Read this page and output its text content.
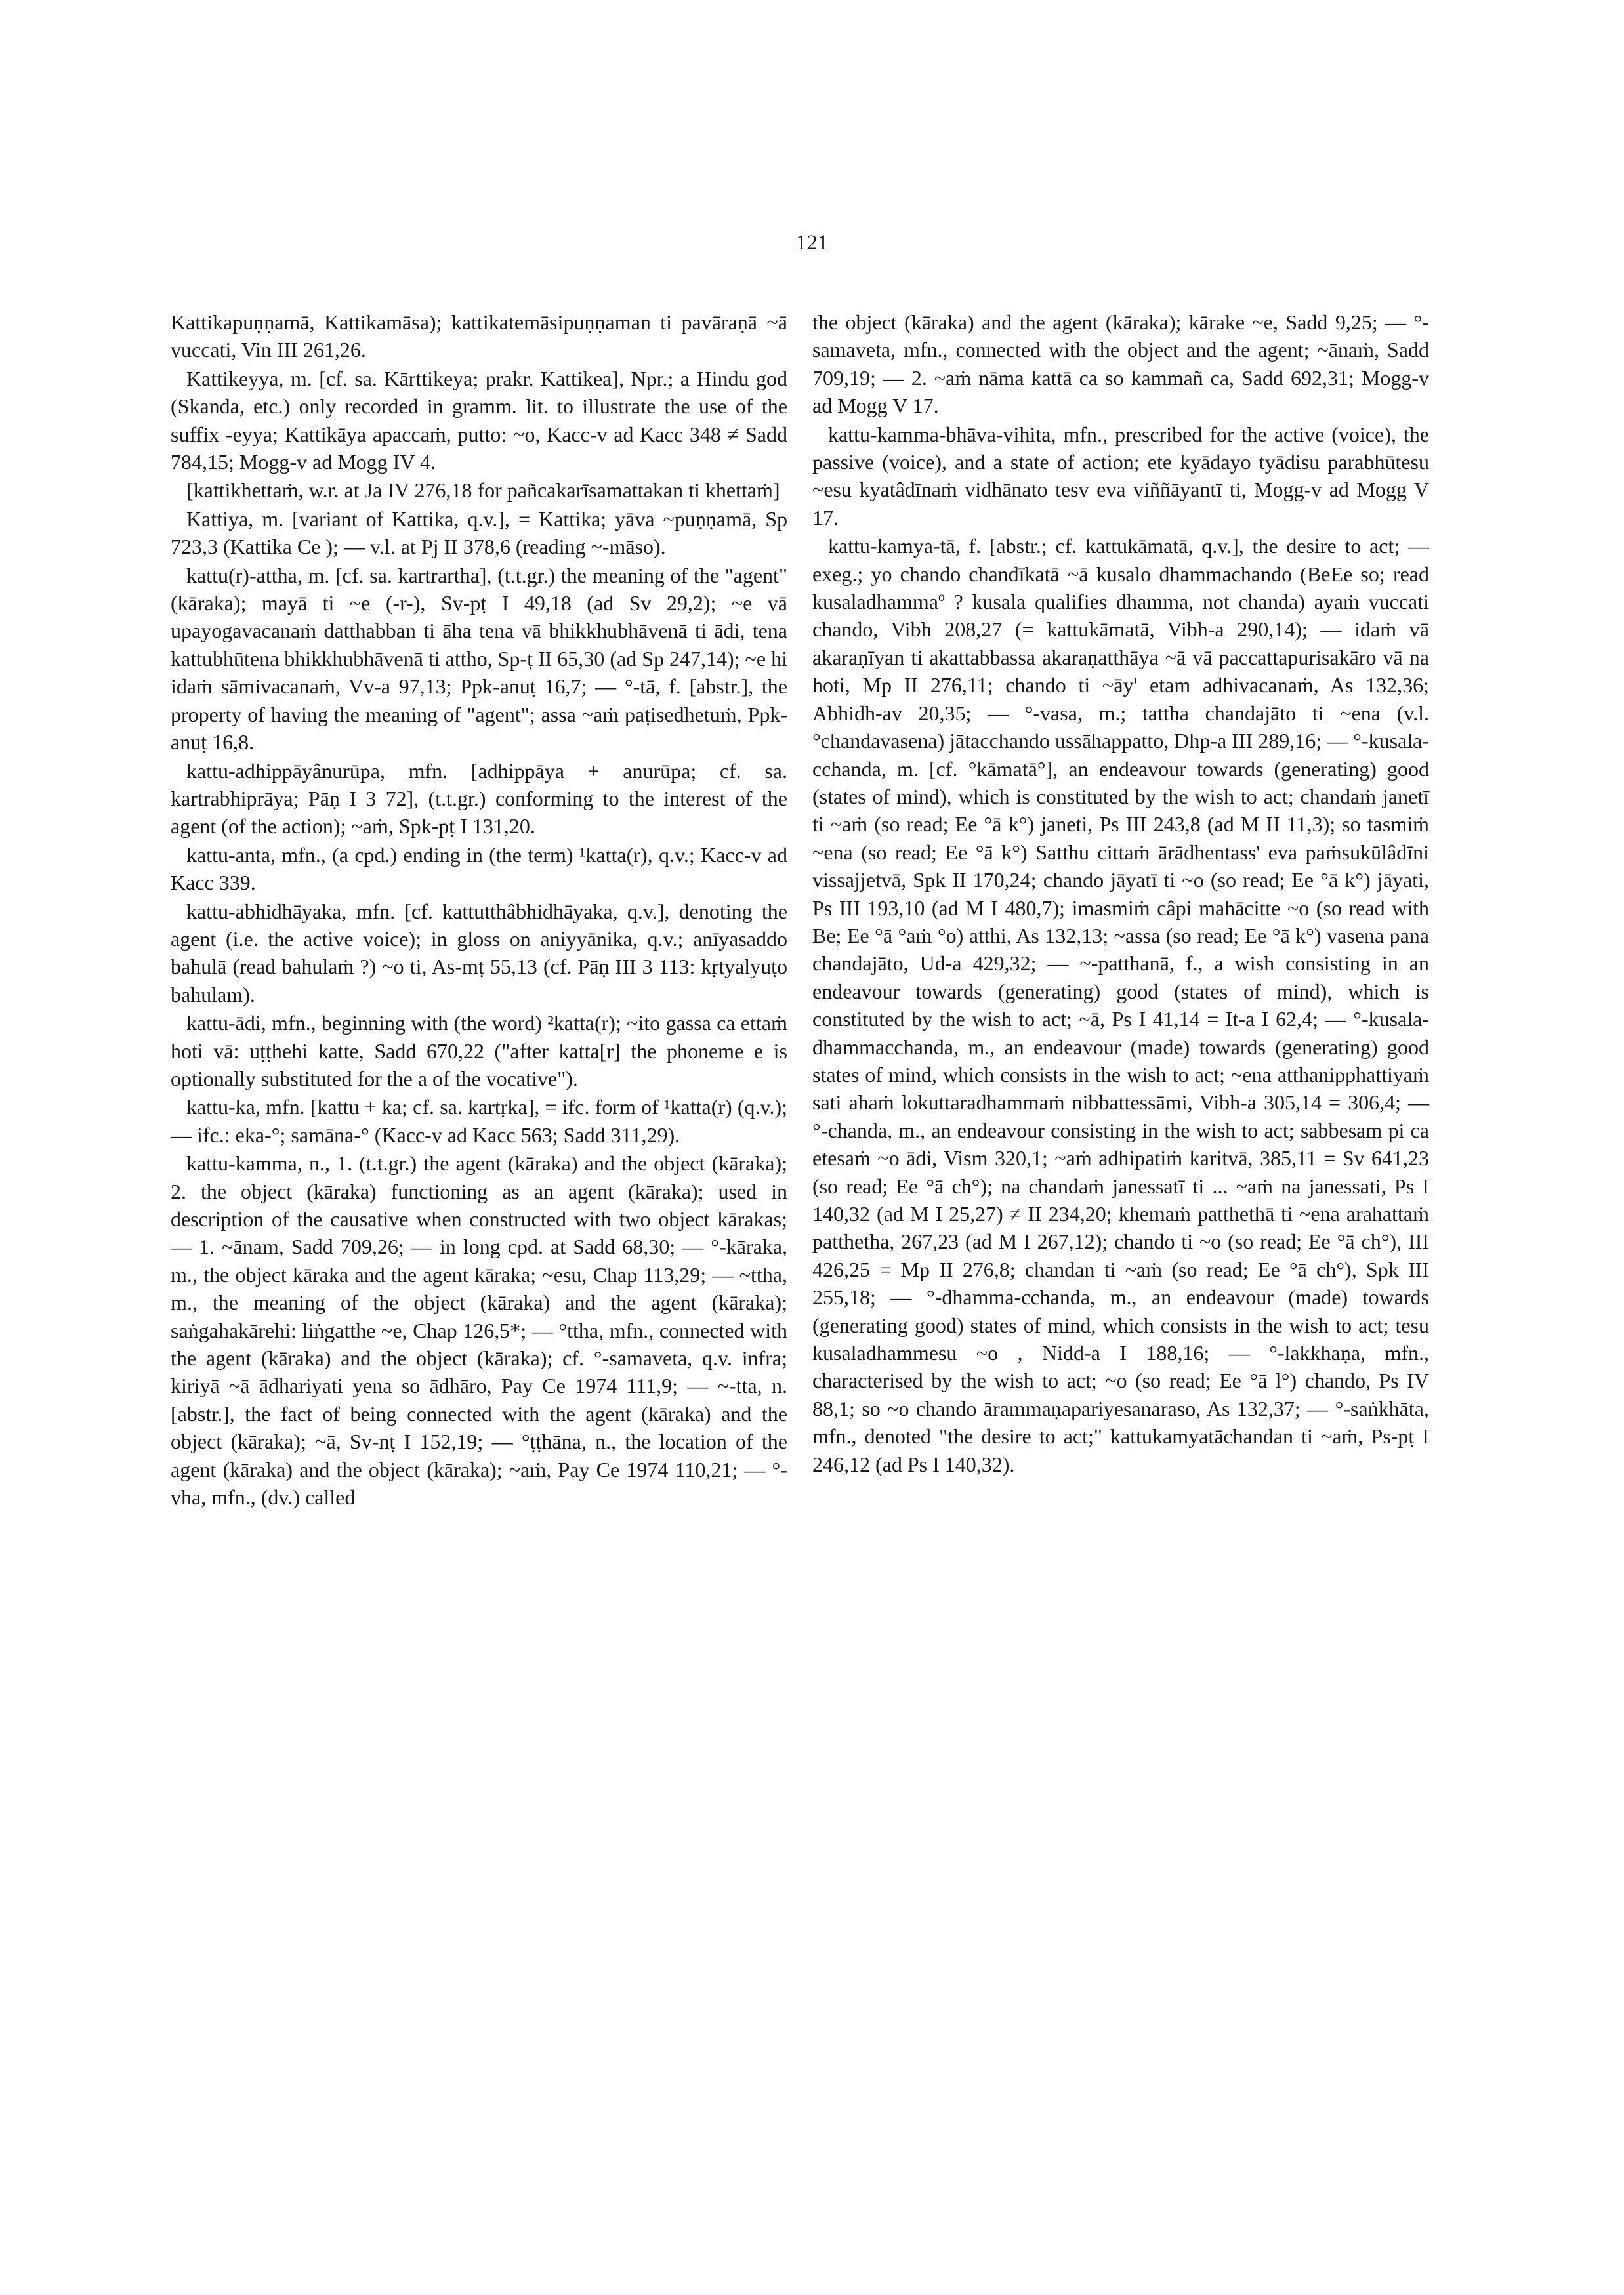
121

Kattikapuṇṇamā, Kattikamāsa); kattikatemāsipuṇṇaman ti pavāraṇā ~ā vuccati, Vin III 261,26.

Kattikeyya, m. [cf. sa. Kārttikeya; prakr. Kattikea], Npr.; a Hindu god (Skanda, etc.) only recorded in gramm. lit. to illustrate the use of the suffix -eyya; Kattikāya apaccaṁ, putto: ~o, Kacc-v ad Kacc 348 ≠ Sadd 784,15; Mogg-v ad Mogg IV 4.

[kattikhettaṁ, w.r. at Ja IV 276,18 for pañcakarīsamattakan ti khettaṁ]

Kattiya, m. [variant of Kattika, q.v.], = Kattika; yāva ~puṇṇamā, Sp 723,3 (Kattika Ce ); — v.l. at Pj II 378,6 (reading ~-māso).

kattu(r)-attha, m. [cf. sa. kartrartha], (t.t.gr.) the meaning of the "agent" (kāraka); mayā ti ~e (-r-), Sv-pṭ I 49,18 (ad Sv 29,2); ~e vā upayogavacanaṁ datthabban ti āha tena vā bhikkhubhāvenā ti ādi, tena kattubhūtena bhikkhubhāvenā ti attho, Sp-ṭ II 65,30 (ad Sp 247,14); ~e hi idaṁ sāmivacanaṁ, Vv-a 97,13; Ppk-anuṭ 16,7; — °-tā, f. [abstr.], the property of having the meaning of "agent"; assa ~aṁ paṭisedhetuṁ, Ppk-anuṭ 16,8.

kattu-adhippāyânurūpa, mfn. [adhippāya + anurūpa; cf. sa. kartrabhiprāya; Pāṇ I 3 72], (t.t.gr.) conforming to the interest of the agent (of the action); ~aṁ, Spk-pṭ I 131,20.

kattu-anta, mfn., (a cpd.) ending in (the term) ¹katta(r), q.v.; Kacc-v ad Kacc 339.

kattu-abhidhāyaka, mfn. [cf. kattutthâbhidhāyaka, q.v.], denoting the agent (i.e. the active voice); in gloss on aniyyānika, q.v.; anīyasaddo bahulā (read bahulaṁ ?) ~o ti, As-mṭ 55,13 (cf. Pāṇ III 3 113: kṛtyalyuṭo bahulam).

kattu-ādi, mfn., beginning with (the word) ²katta(r); ~ito gassa ca ettaṁ hoti vā: uṭṭhehi katte, Sadd 670,22 ("after katta[r] the phoneme e is optionally substituted for the a of the vocative").

kattu-ka, mfn. [kattu + ka; cf. sa. kartṛka], = ifc. form of ¹katta(r) (q.v.); — ifc.: eka-°; samāna-° (Kacc-v ad Kacc 563; Sadd 311,29).

kattu-kamma, n., 1. (t.t.gr.) the agent (kāraka) and the object (kāraka); 2. the object (kāraka) functioning as an agent (kāraka); used in description of the causative when constructed with two object kārakas; — 1. ~ānam, Sadd 709,26; — in long cpd. at Sadd 68,30; — °-kāraka, m., the object kāraka and the agent kāraka; ~esu, Chap 113,29; — ~ttha, m., the meaning of the object (kāraka) and the agent (kāraka); saṅgahakārehi: liṅgatthe ~e, Chap 126,5*; — °ttha, mfn., connected with the agent (kāraka) and the object (kāraka); cf. °-samaveta, q.v. infra; kiriyā ~ā ādhariyati yena so ādhāro, Pay Ce 1974 111,9; — ~-tta, n. [abstr.], the fact of being connected with the agent (kāraka) and the object (kāraka); ~ā, Sv-nṭ I 152,19; — °ṭṭhāna, n., the location of the agent (kāraka) and the object (kāraka); ~aṁ, Pay Ce 1974 110,21; — °-vha, mfn., (dv.) called

the object (kāraka) and the agent (kāraka); kārake ~e, Sadd 9,25; — °-samaveta, mfn., connected with the object and the agent; ~ānaṁ, Sadd 709,19; — 2. ~aṁ nāma kattā ca so kammañ ca, Sadd 692,31; Mogg-v ad Mogg V 17.

kattu-kamma-bhāva-vihita, mfn., prescribed for the active (voice), the passive (voice), and a state of action; ete kyādayo tyādisu parabhūtesu ~esu kyatâdīnaṁ vidhānato tesv eva viññāyantī ti, Mogg-v ad Mogg V 17.

kattu-kamya-tā, f. [abstr.; cf. kattukāmatā, q.v.], the desire to act; — exeg.; yo chando chandīkatā ~ā kusalo dhammachando (BeEe so; read kusaladhammaº ? kusala qualifies dhamma, not chanda) ayaṁ vuccati chando, Vibh 208,27 (= kattukāmatā, Vibh-a 290,14); — idaṁ vā akaraṇīyan ti akattabbassa akaraṇatthāya ~ā vā paccattapurisakāro vā na hoti, Mp II 276,11; chando ti ~āy' etam adhivacanaṁ, As 132,36; Abhidh-av 20,35; — °-vasa, m.; tattha chandajāto ti ~ena (v.l. °chandavasena) jātacchando ussāhappatto, Dhp-a III 289,16; — °-kusala-cchanda, m. [cf. °kāmatā°], an endeavour towards (generating) good (states of mind), which is constituted by the wish to act; chandaṁ janetī ti ~aṁ (so read; Ee °ā k°) janeti, Ps III 243,8 (ad M II 11,3); so tasmiṁ ~ena (so read; Ee °ā k°) Satthu cittaṁ ārādhentass' eva paṁsukūlâdīni vissajjetvā, Spk II 170,24; chando jāyatī ti ~o (so read; Ee °ā k°) jāyati, Ps III 193,10 (ad M I 480,7); imasmiṁ câpi mahācitte ~o (so read with Be; Ee °ā °aṁ °o) atthi, As 132,13; ~assa (so read; Ee °ā k°) vasena pana chandajāto, Ud-a 429,32; — ~-patthanā, f., a wish consisting in an endeavour towards (generating) good (states of mind), which is constituted by the wish to act; ~ā, Ps I 41,14 = It-a I 62,4; — °-kusala-dhammacchanda, m., an endeavour (made) towards (generating) good states of mind, which consists in the wish to act; ~ena atthanipphattiyaṁ sati ahaṁ lokuttaradhammaṁ nibbattessāmi, Vibh-a 305,14 = 306,4; — °-chanda, m., an endeavour consisting in the wish to act; sabbesam pi ca etesaṁ ~o ādi, Vism 320,1; ~aṁ adhipatiṁ karitvā, 385,11 = Sv 641,23 (so read; Ee °ā ch°); na chandaṁ janessatī ti ... ~aṁ na janessati, Ps I 140,32 (ad M I 25,27) ≠ II 234,20; khemaṁ patthethā ti ~ena arahattaṁ patthetha, 267,23 (ad M I 267,12); chando ti ~o (so read; Ee °ā ch°), III 426,25 = Mp II 276,8; chandan ti ~aṁ (so read; Ee °ā ch°), Spk III 255,18; — °-dhamma-cchanda, m., an endeavour (made) towards (generating good) states of mind, which consists in the wish to act; tesu kusaladhammesu ~o , Nidd-a I 188,16; — °-lakkhaṇa, mfn., characterised by the wish to act; ~o (so read; Ee °ā l°) chando, Ps IV 88,1; so ~o chando ārammaṇapariyesanaraso, As 132,37; — °-saṅkhāta, mfn., denoted "the desire to act;" kattukamyatāchandan ti ~aṁ, Ps-pṭ I 246,12 (ad Ps I 140,32).
